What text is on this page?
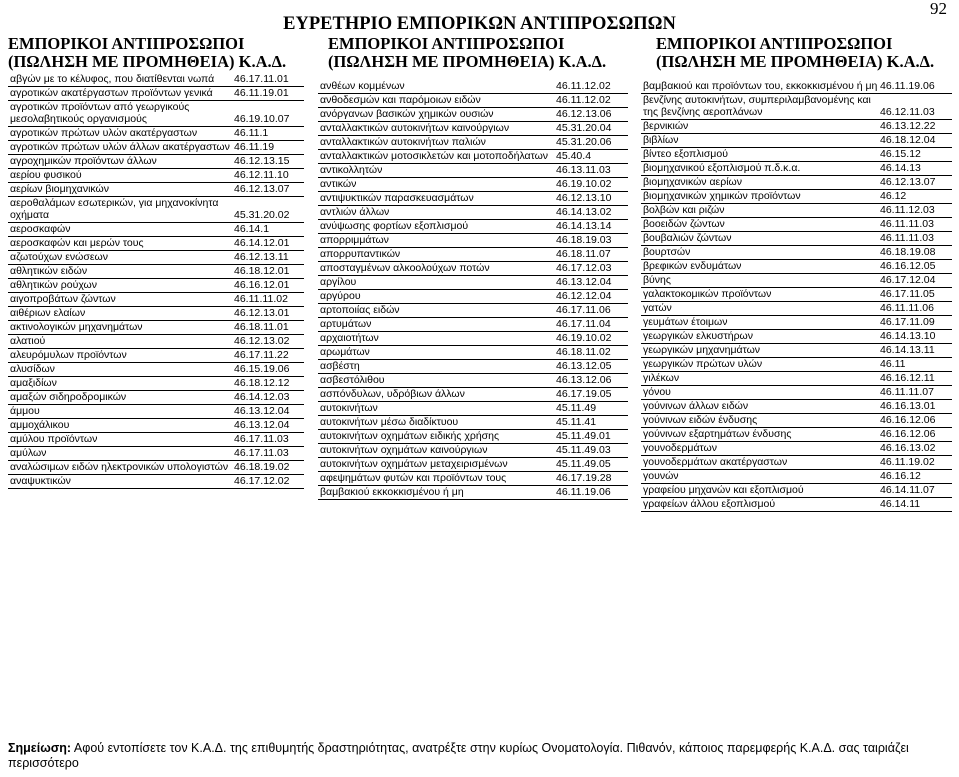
92
ΕΥΡΕΤΗΡΙΟ ΕΜΠΟΡΙΚΩΝ ΑΝΤΙΠΡΟΣΩΠΩΝ
ΕΜΠΟΡΙΚΟΙ ΑΝΤΙΠΡΟΣΩΠΟΙ
(ΠΩΛΗΣΗ ΜΕ ΠΡΟΜΗΘΕΙΑ) Κ.Α.Δ.
ΕΜΠΟΡΙΚΟΙ ΑΝΤΙΠΡΟΣΩΠΟΙ
(ΠΩΛΗΣΗ ΜΕ ΠΡΟΜΗΘΕΙΑ) Κ.Α.Δ.
ΕΜΠΟΡΙΚΟΙ ΑΝΤΙΠΡΟΣΩΠΟΙ
(ΠΩΛΗΣΗ ΜΕ ΠΡΟΜΗΘΕΙΑ) Κ.Α.Δ.
αβγών με το κέλυφος, που διατίθενται νωπά	46.17.11.01
αγροτικών ακατέργαστων προϊόντων γενικά	46.11.19.01
αγροτικών προϊόντων από γεωργικούς μεσολαβητικούς οργανισμούς	46.19.10.07
αγροτικών πρώτων υλών ακατέργαστων	46.11.1
αγροτικών πρώτων υλών άλλων ακατέργαστων	46.11.19
αγροχημικών προϊόντων άλλων	46.12.13.15
αερίου φυσικού	46.12.11.10
αερίων βιομηχανικών	46.12.13.07
αεροθαλάμων εσωτερικών, για μηχανοκίνητα οχήματα	45.31.20.02
αεροσκαφών	46.14.1
αεροσκαφών και μερών τους	46.14.12.01
αζωτούχων ενώσεων	46.12.13.11
αθλητικών ειδών	46.18.12.01
αθλητικών ρούχων	46.16.12.01
αιγοπροβάτων ζώντων	46.11.11.02
αιθέριων ελαίων	46.12.13.01
ακτινολογικών μηχανημάτων	46.18.11.01
αλατιού	46.12.13.02
αλευρόμυλων προϊόντων	46.17.11.22
αλυσίδων	46.15.19.06
αμαξιδίων	46.18.12.12
αμαξών σιδηροδρομικών	46.14.12.03
άμμου	46.13.12.04
αμμοχάλικου	46.13.12.04
αμύλου προϊόντων	46.17.11.03
αμύλων	46.17.11.03
αναλώσιμων ειδών ηλεκτρονικών υπολογιστών	46.18.19.02
αναψυκτικών	46.17.12.02
ανθέων κομμένων	46.11.12.02
ανθοδεσμών και παρόμοιων ειδών	46.11.12.02
ανόργανων βασικών χημικών ουσιών	46.12.13.06
ανταλλακτικών αυτοκινήτων καινούργιων	45.31.20.04
ανταλλακτικών αυτοκινήτων παλιών	45.31.20.06
ανταλλακτικών μοτοσικλετών και μοτοποδήλατων	45.40.4
αντικολλητών	46.13.11.03
αντικών	46.19.10.02
αντιψυκτικών παρασκευασμάτων	46.12.13.10
αντλιών άλλων	46.14.13.02
ανύψωσης φορτίων εξοπλισμού	46.14.13.14
απορριμμάτων	46.18.19.03
απορρυπαντικών	46.18.11.07
αποσταγμένων αλκοολούχων ποτών	46.17.12.03
αργίλου	46.13.12.04
αργύρου	46.12.12.04
αρτοποιίας ειδών	46.17.11.06
αρτυμάτων	46.17.11.04
αρχαιοτήτων	46.19.10.02
αρωμάτων	46.18.11.02
ασβέστη	46.13.12.05
ασβεστόλιθου	46.13.12.06
ασπόνδυλων, υδρόβιων άλλων	46.17.19.05
αυτοκινήτων	45.11.49
αυτοκινήτων μέσω διαδίκτυου	45.11.41
αυτοκινήτων οχημάτων ειδικής χρήσης	45.11.49.01
αυτοκινήτων οχημάτων καινούργιων	45.11.49.03
αυτοκινήτων οχημάτων μεταχειρισμένων	45.11.49.05
αφεψημάτων φυτών και προϊόντων τους	46.17.19.28
βαμβακιού εκκοκκισμένου ή μη	46.11.19.06
βαμβακιού και προϊόντων του, εκκοκκισμένου ή μη	46.11.19.06
βενζίνης αυτοκινήτων, συμπεριλαμβανομένης και της βενζίνης αεροπλάνων	46.12.11.03
βερνικιών	46.13.12.22
βιβλίων	46.18.12.04
βίντεο εξοπλισμού	46.15.12
βιομηχανικού εξοπλισμού π.δ.κ.α.	46.14.13
βιομηχανικών αερίων	46.12.13.07
βιομηχανικών χημικών προϊόντων	46.12
βολβών και ριζών	46.11.12.03
βοοειδών ζώντων	46.11.11.03
βουβαλιών ζώντων	46.11.11.03
βουρτσών	46.18.19.08
βρεφικών ενδυμάτων	46.16.12.05
βύνης	46.17.12.04
γαλακτοκομικών προϊόντων	46.17.11.05
γατών	46.11.11.06
γευμάτων έτοιμων	46.17.11.09
γεωργικών ελκυστήρων	46.14.13.10
γεωργικών μηχανημάτων	46.14.13.11
γεωργικών πρώτων υλών	46.11
γιλέκων	46.16.12.11
γόνου	46.11.11.07
γούνινων άλλων ειδών	46.16.13.01
γούνινων ειδών ένδυσης	46.16.12.06
γούνινων εξαρτημάτων ένδυσης	46.16.12.06
γουνοδερμάτων	46.16.13.02
γουνοδερμάτων ακατέργαστων	46.11.19.02
γουνών	46.16.12
γραφείου μηχανών και εξοπλισμού	46.14.11.07
γραφείων άλλου εξοπλισμού	46.14.11

Σημείωση: Αφού εντοπίσετε τον Κ.Α.Δ. της επιθυμητής δραστηριότητας, ανατρέξτε στην κυρίως Ονοματολογία. Πιθανόν, κάποιος παρεμφερής Κ.Α.Δ. σας ταιριάζει περισσότερο
